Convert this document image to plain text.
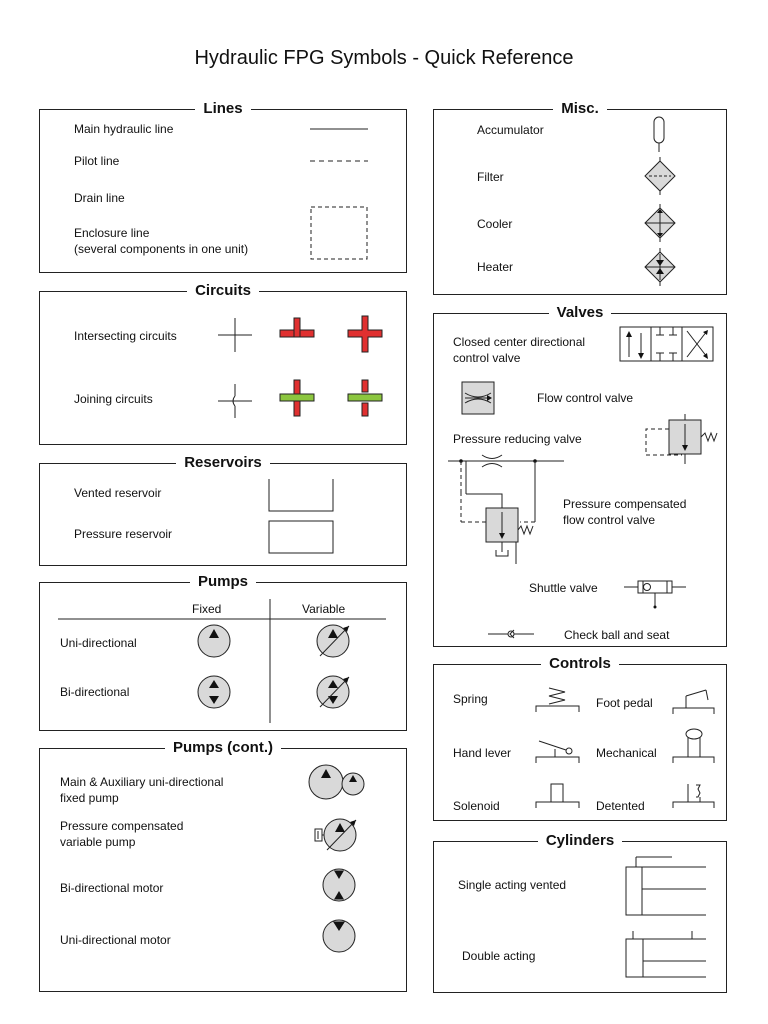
Hydraulic FPG Symbols - Quick Reference
Lines
Main hydraulic line
Pilot line
Drain line
Enclosure line
(several components in one unit)
Circuits
Intersecting circuits
Joining circuits
Reservoirs
Vented reservoir
Pressure reservoir
Pumps
Fixed	Variable
Uni-directional
Bi-directional
Pumps (cont.)
Main & Auxiliary uni-directional
fixed pump
Pressure compensated
variable pump
Bi-directional motor
Uni-directional motor
Misc.
Accumulator
Filter
Cooler
Heater
Valves
Closed center directional
control valve
Flow control valve
Pressure reducing valve
Pressure compensated
flow control valve
Shuttle valve
Check ball and seat
Controls
Spring	Foot pedal
Hand lever	Mechanical
Solenoid	Detented
Cylinders
Single acting vented
Double acting
